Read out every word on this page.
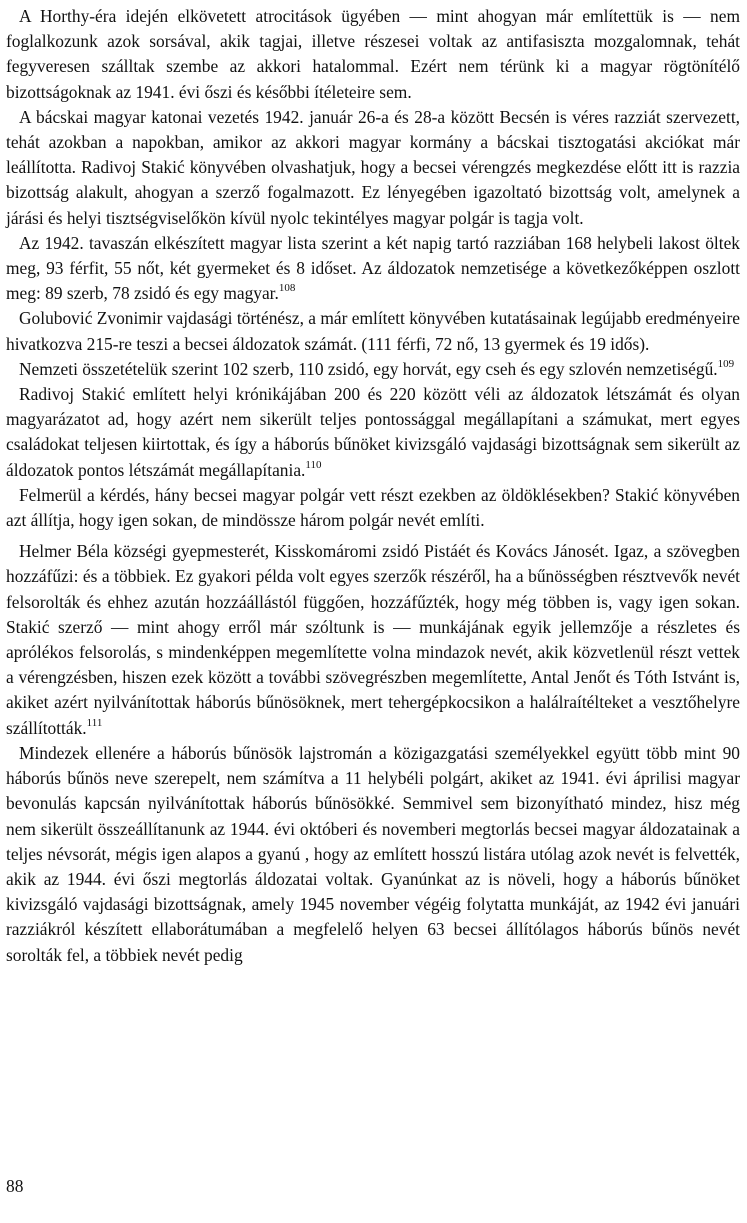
A Horthy-éra idején elkövetett atrocitások ügyében — mint ahogyan már említettük is — nem foglalkozunk azok sorsával, akik tagjai, illetve részesei voltak az antifasiszta mozgalomnak, tehát fegyveresen szálltak szembe az akkori hatalommal. Ezért nem térünk ki a magyar rögtönítélő bizottságoknak az 1941. évi őszi és későbbi ítéleteire sem.

A bácskai magyar katonai vezetés 1942. január 26-a és 28-a között Becsén is véres razziát szervezett, tehát azokban a napokban, amikor az akkori magyar kormány a bácskai tisztogatási akciókat már leállította. Radivoj Stakić könyvében olvashatjuk, hogy a becsei vérengzés megkezdése előtt itt is razzia bizottság alakult, ahogyan a szerző fogalmazott. Ez lényegében igazoltató bizottság volt, amelynek a járási és helyi tisztségviselőkön kívül nyolc tekintélyes magyar polgár is tagja volt.

Az 1942. tavaszán elkészített magyar lista szerint a két napig tartó razziában 168 helybeli lakost öltek meg, 93 férfit, 55 nőt, két gyermeket és 8 időset. Az áldozatok nemzetisége a következőképpen oszlott meg: 89 szerb, 78 zsidó és egy magyar.$^{108}$

Golubović Zvonimir vajdasági történész, a már említett könyvében kutatásainak legújabb eredményeire hivatkozva 215-re teszi a becsei áldozatok számát. (111 férfi, 72 nő, 13 gyermek és 19 idős).

Nemzeti összetételük szerint 102 szerb, 110 zsidó, egy horvát, egy cseh és egy szlovén nemzetiségű.$^{109}$

Radivoj Stakić említett helyi krónikájában 200 és 220 között véli az áldozatok létszámát és olyan magyarázatot ad, hogy azért nem sikerült teljes pontossággal megállapítani a számukat, mert egyes családokat teljesen kiirtottak, és így a háborús bűnöket kivizsgáló vajdasági bizottságnak sem sikerült az áldozatok pontos létszámát megállapítania.$^{110}$

Felmerül a kérdés, hány becsei magyar polgár vett részt ezekben az öldöklésekben? Stakić könyvében azt állítja, hogy igen sokan, de mindössze három polgár nevét említi.

Helmer Béla községi gyepmesterét, Kisskomáromi zsidó Pistáét és Kovács Jánosét. Igaz, a szövegben hozzáfűzi: és a többiek. Ez gyakori példa volt egyes szerzők részéről, ha a bűnösségben résztvevők nevét felsorolták és ehhez azután hozzáállástól függően, hozzáfűzték, hogy még többen is, vagy igen sokan. Stakić szerző — mint ahogy erről már szóltunk is — munkájának egyik jellemzője a részletes és aprólékos felsorolás, s mindenképpen megemlítette volna mindazok nevét, akik közvetlenül részt vettek a vérengzésben, hiszen ezek között a további szövegrészben megemlítette, Antal Jenőt és Tóth Istvánt is, akiket azért nyilvánítottak háborús bűnösöknek, mert tehergépkocsikon a halálraítélteket a vesztőhelyre szállították.$^{111}$

Mindezek ellenére a háborús bűnösök lajstromán a közigazgatási személyekkel együtt több mint 90 háborús bűnös neve szerepelt, nem számítva a 11 helybéli polgárt, akiket az 1941. évi áprilisi magyar bevonulás kapcsán nyilvánítottak háborús bűnösökké. Semmivel sem bizonyítható mindez, hisz még nem sikerült összeállítanunk az 1944. évi októberi és novemberi megtorlás becsei magyar áldozatainak a teljes névsorát, mégis igen alapos a gyanú , hogy az említett hosszú listára utólag azok nevét is felvették, akik az 1944. évi őszi megtorlás áldozatai voltak. Gyanúnkat az is növeli, hogy a háborús bűnöket kivizsgáló vajdasági bizottságnak, amely 1945 november végéig folytatta munkáját, az 1942 évi januári razziákról készített ellaborátumában a megfelelő helyen 63 becsei állítólagos háborús bűnös nevét sorolták fel, a többiek nevét pedig

88
